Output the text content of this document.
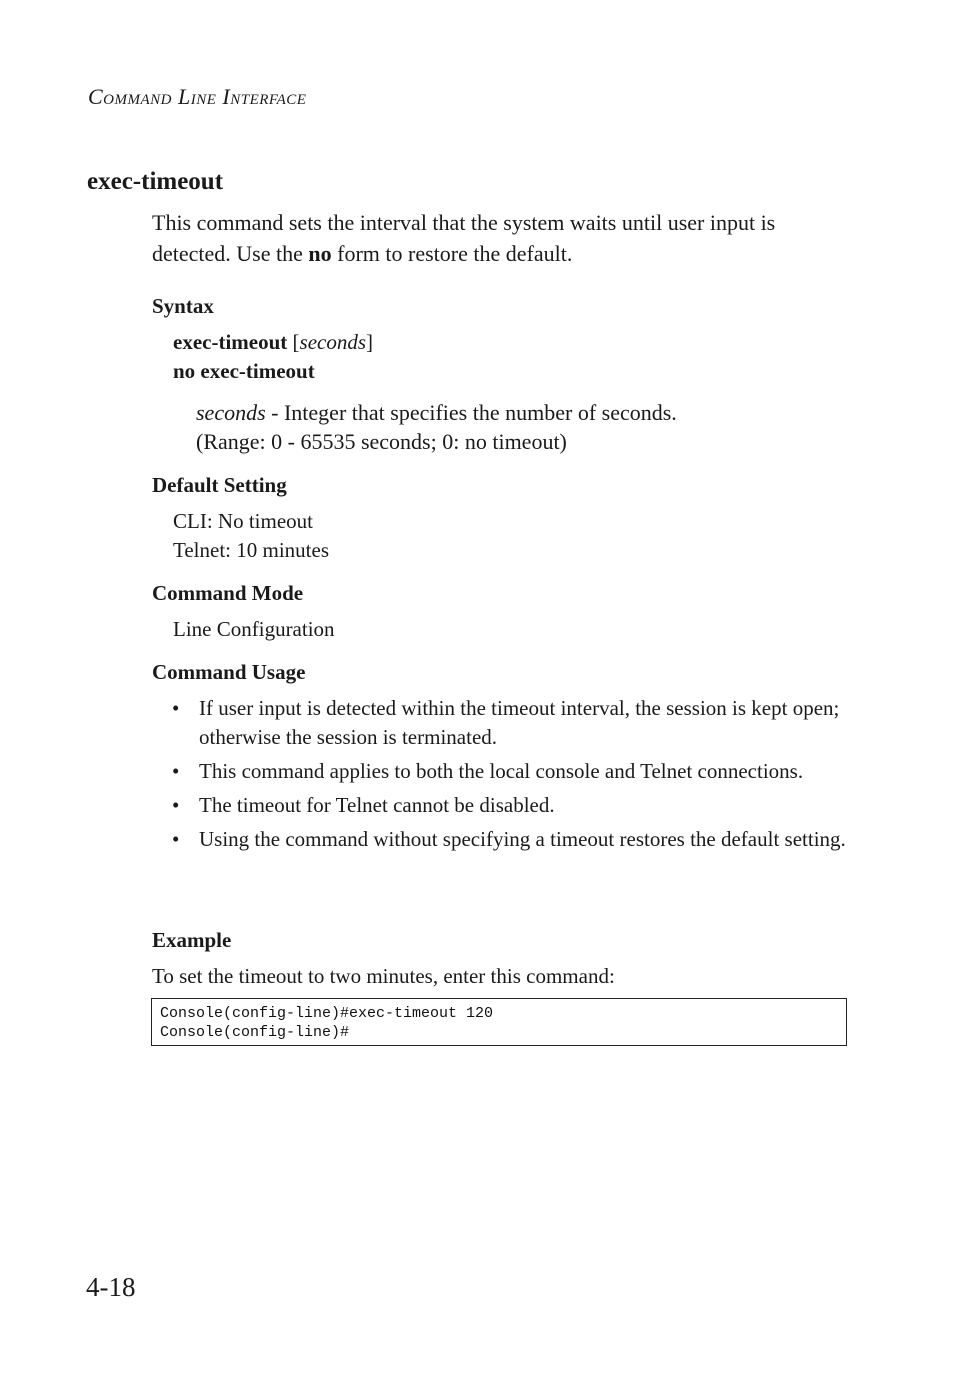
Command Line Interface
exec-timeout
This command sets the interval that the system waits until user input is detected. Use the no form to restore the default.
Syntax
exec-timeout [seconds]
no exec-timeout
seconds - Integer that specifies the number of seconds.
(Range: 0 - 65535 seconds; 0: no timeout)
Default Setting
CLI: No timeout
Telnet: 10 minutes
Command Mode
Line Configuration
Command Usage
• If user input is detected within the timeout interval, the session is kept open; otherwise the session is terminated.
• This command applies to both the local console and Telnet connections.
• The timeout for Telnet cannot be disabled.
• Using the command without specifying a timeout restores the default setting.
Example
To set the timeout to two minutes, enter this command:
Console(config-line)#exec-timeout 120
Console(config-line)#
4-18
